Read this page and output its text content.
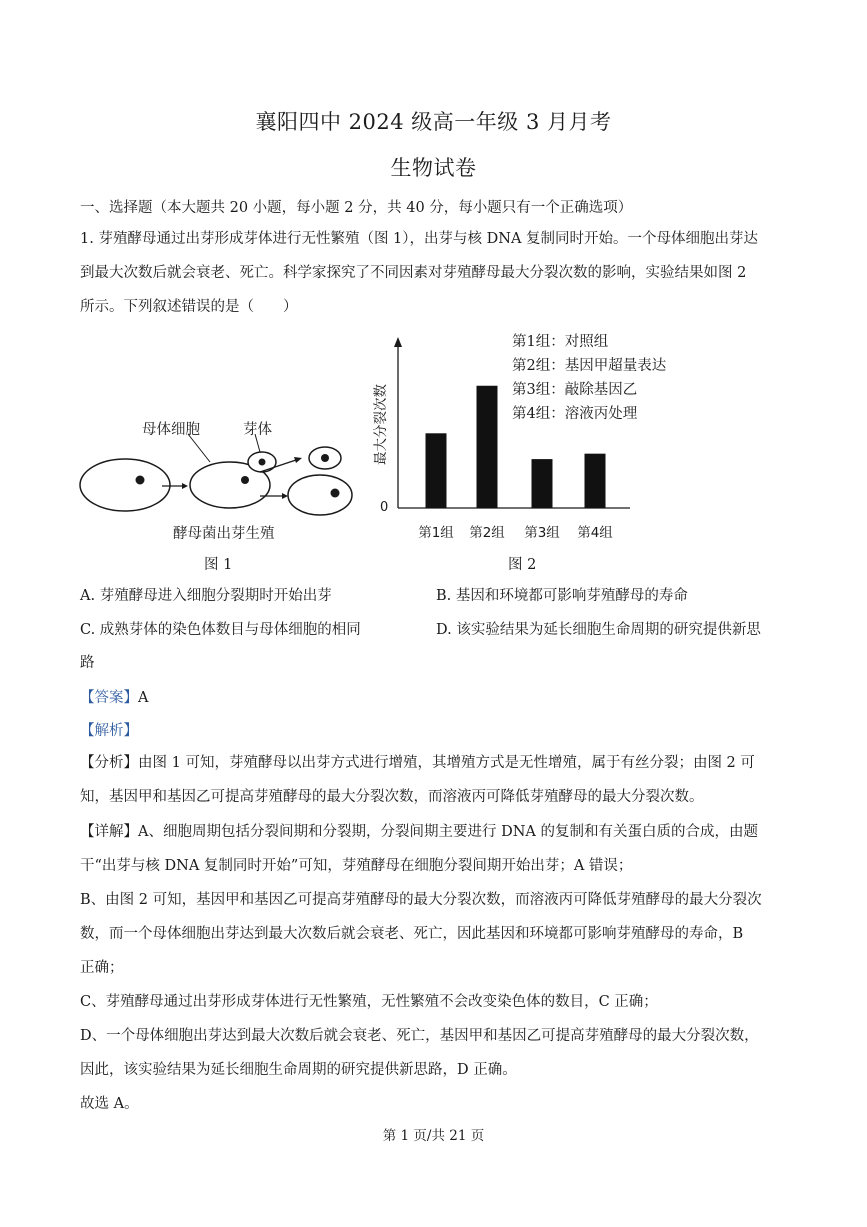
襄阳四中 2024 级高一年级 3 月月考
生物试卷
一、选择题（本大题共 20 小题，每小题 2 分，共 40 分，每小题只有一个正确选项）
1. 芽殖酵母通过出芽形成芽体进行无性繁殖（图 1），出芽与核 DNA 复制同时开始。一个母体细胞出芽达
到最大次数后就会衰老、死亡。科学家探究了不同因素对芽殖酵母最大分裂次数的影响，实验结果如图 2
所示。下列叙述错误的是（　　）
母体细胞	芽体
酵母菌出芽生殖
图 1
0
最大分裂次数
第1组 第2组 第3组 第4组
第1组：对照组
第2组：基因甲超量表达
第3组：敲除基因乙
第4组：溶液丙处理
图 2
A. 芽殖酵母进入细胞分裂期时开始出芽	B. 基因和环境都可影响芽殖酵母的寿命
C. 成熟芽体的染色体数目与母体细胞的相同	D. 该实验结果为延长细胞生命周期的研究提供新思
路
【答案】A
【解析】
【分析】由图 1 可知，芽殖酵母以出芽方式进行增殖，其增殖方式是无性增殖，属于有丝分裂；由图 2 可
知，基因甲和基因乙可提高芽殖酵母的最大分裂次数，而溶液丙可降低芽殖酵母的最大分裂次数。
【详解】A、细胞周期包括分裂间期和分裂期，分裂间期主要进行 DNA 的复制和有关蛋白质的合成，由题
干“出芽与核 DNA 复制同时开始”可知，芽殖酵母在细胞分裂间期开始出芽；A 错误；
B、由图 2 可知，基因甲和基因乙可提高芽殖酵母的最大分裂次数，而溶液丙可降低芽殖酵母的最大分裂次
数，而一个母体细胞出芽达到最大次数后就会衰老、死亡，因此基因和环境都可影响芽殖酵母的寿命，B
正确；
C、芽殖酵母通过出芽形成芽体进行无性繁殖，无性繁殖不会改变染色体的数目，C 正确；
D、一个母体细胞出芽达到最大次数后就会衰老、死亡，基因甲和基因乙可提高芽殖酵母的最大分裂次数，
因此，该实验结果为延长细胞生命周期的研究提供新思路，D 正确。
故选 A。
第 1 页/共 21 页
